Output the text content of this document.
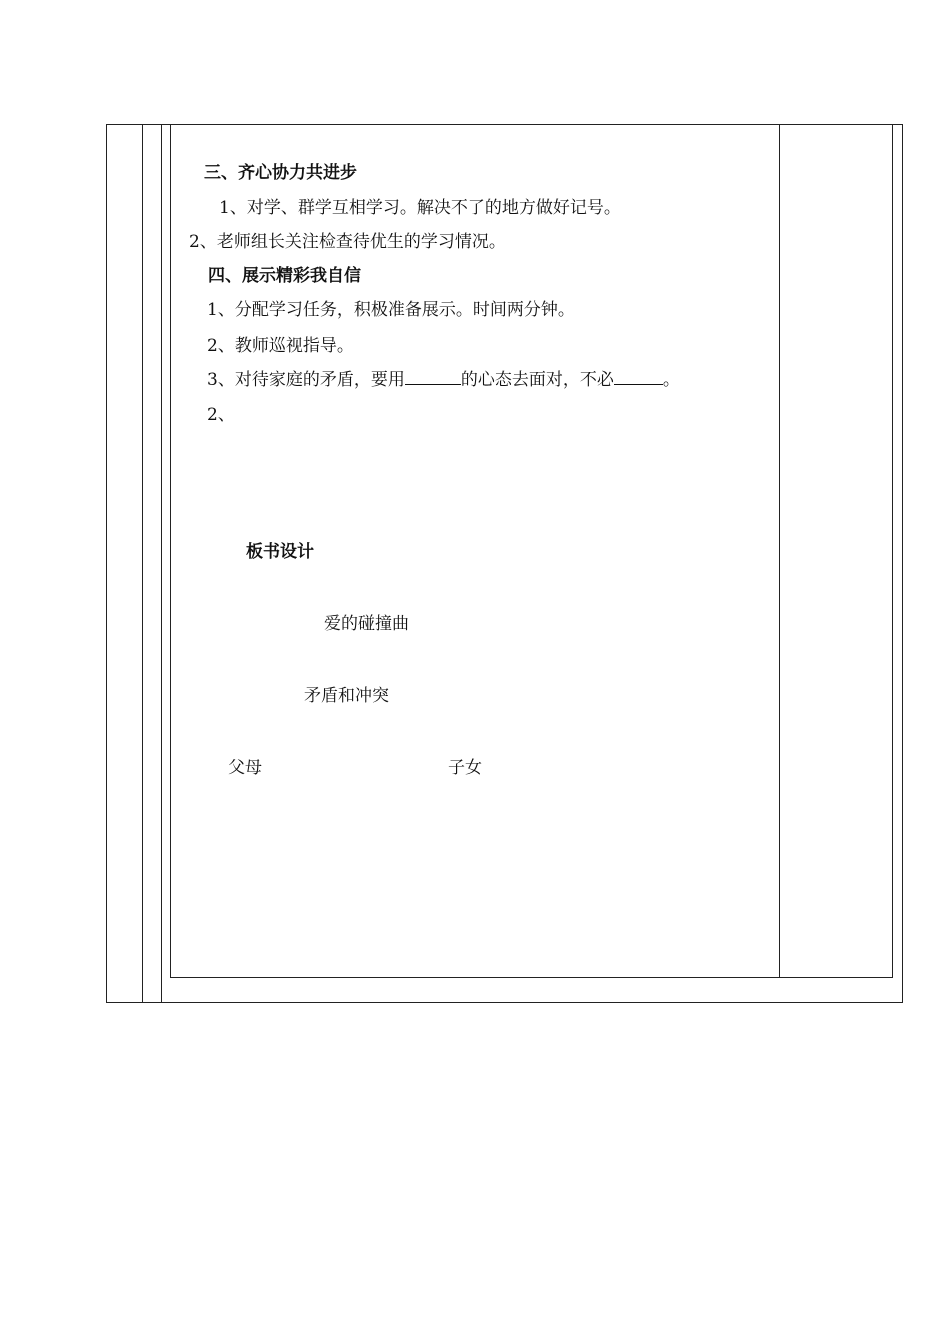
三、齐心协力共进步
1、对学、群学互相学习。解决不了的地方做好记号。
2、老师组长关注检查待优生的学习情况。
四、展示精彩我自信
1、分配学习任务，积极准备展示。时间两分钟。
2、教师巡视指导。
3、对待家庭的矛盾，要用	的心态去面对，不必	。
2、
板书设计
爱的碰撞曲
矛盾和冲突
父母	子女
